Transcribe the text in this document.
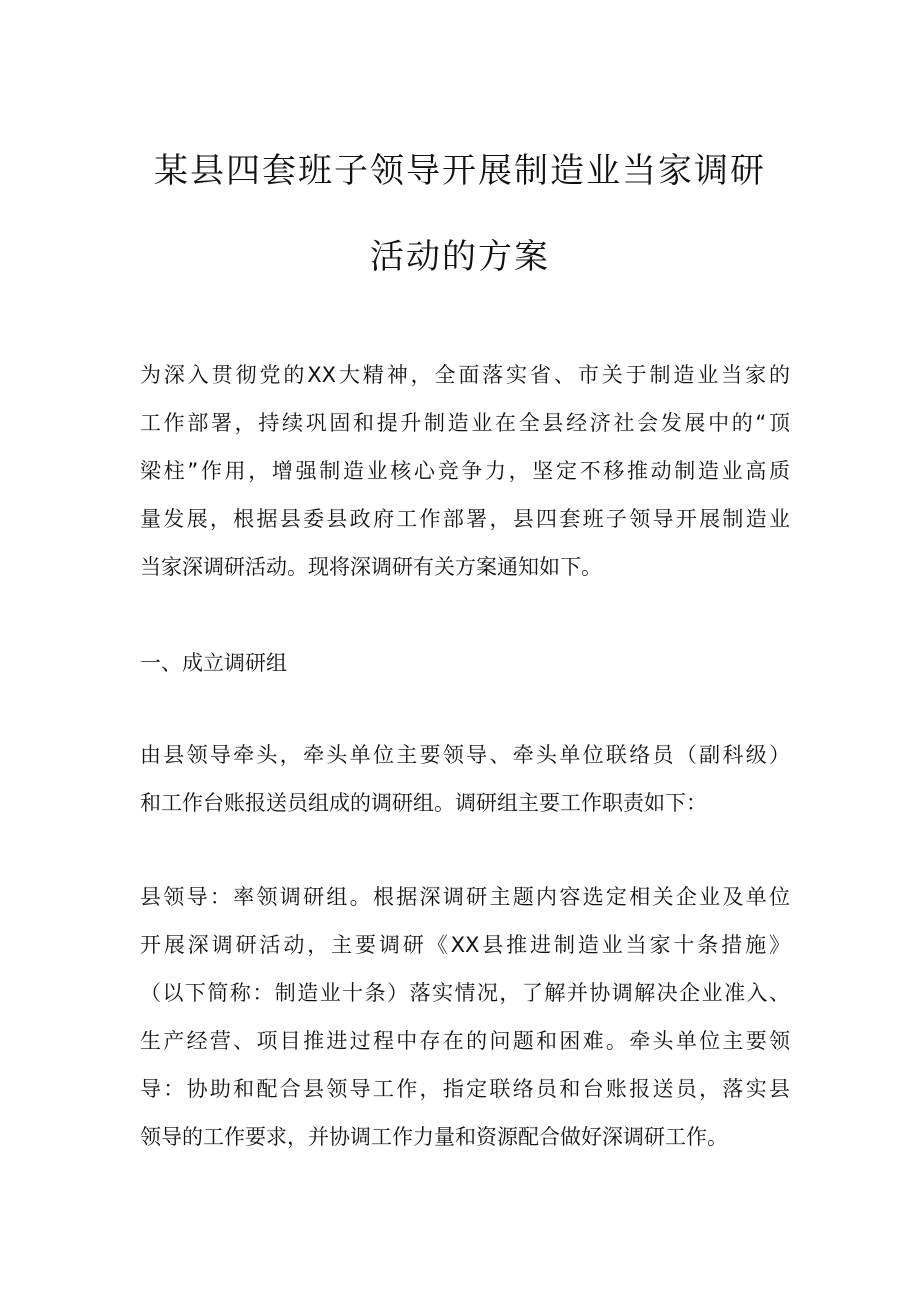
某县四套班子领导开展制造业当家调研
活动的方案
为深入贯彻党的XX大精神，全面落实省、市关于制造业当家的
工作部署，持续巩固和提升制造业在全县经济社会发展中的“顶
梁柱”作用，增强制造业核心竞争力，坚定不移推动制造业高质
量发展，根据县委县政府工作部署，县四套班子领导开展制造业
当家深调研活动。现将深调研有关方案通知如下。
一、成立调研组
由县领导牵头，牵头单位主要领导、牵头单位联络员（副科级）
和工作台账报送员组成的调研组。调研组主要工作职责如下：
县领导：率领调研组。根据深调研主题内容选定相关企业及单位
开展深调研活动，主要调研《XX县推进制造业当家十条措施》
（以下简称：制造业十条）落实情况，了解并协调解决企业准入、
生产经营、项目推进过程中存在的问题和困难。牵头单位主要领
导：协助和配合县领导工作，指定联络员和台账报送员，落实县
领导的工作要求，并协调工作力量和资源配合做好深调研工作。
